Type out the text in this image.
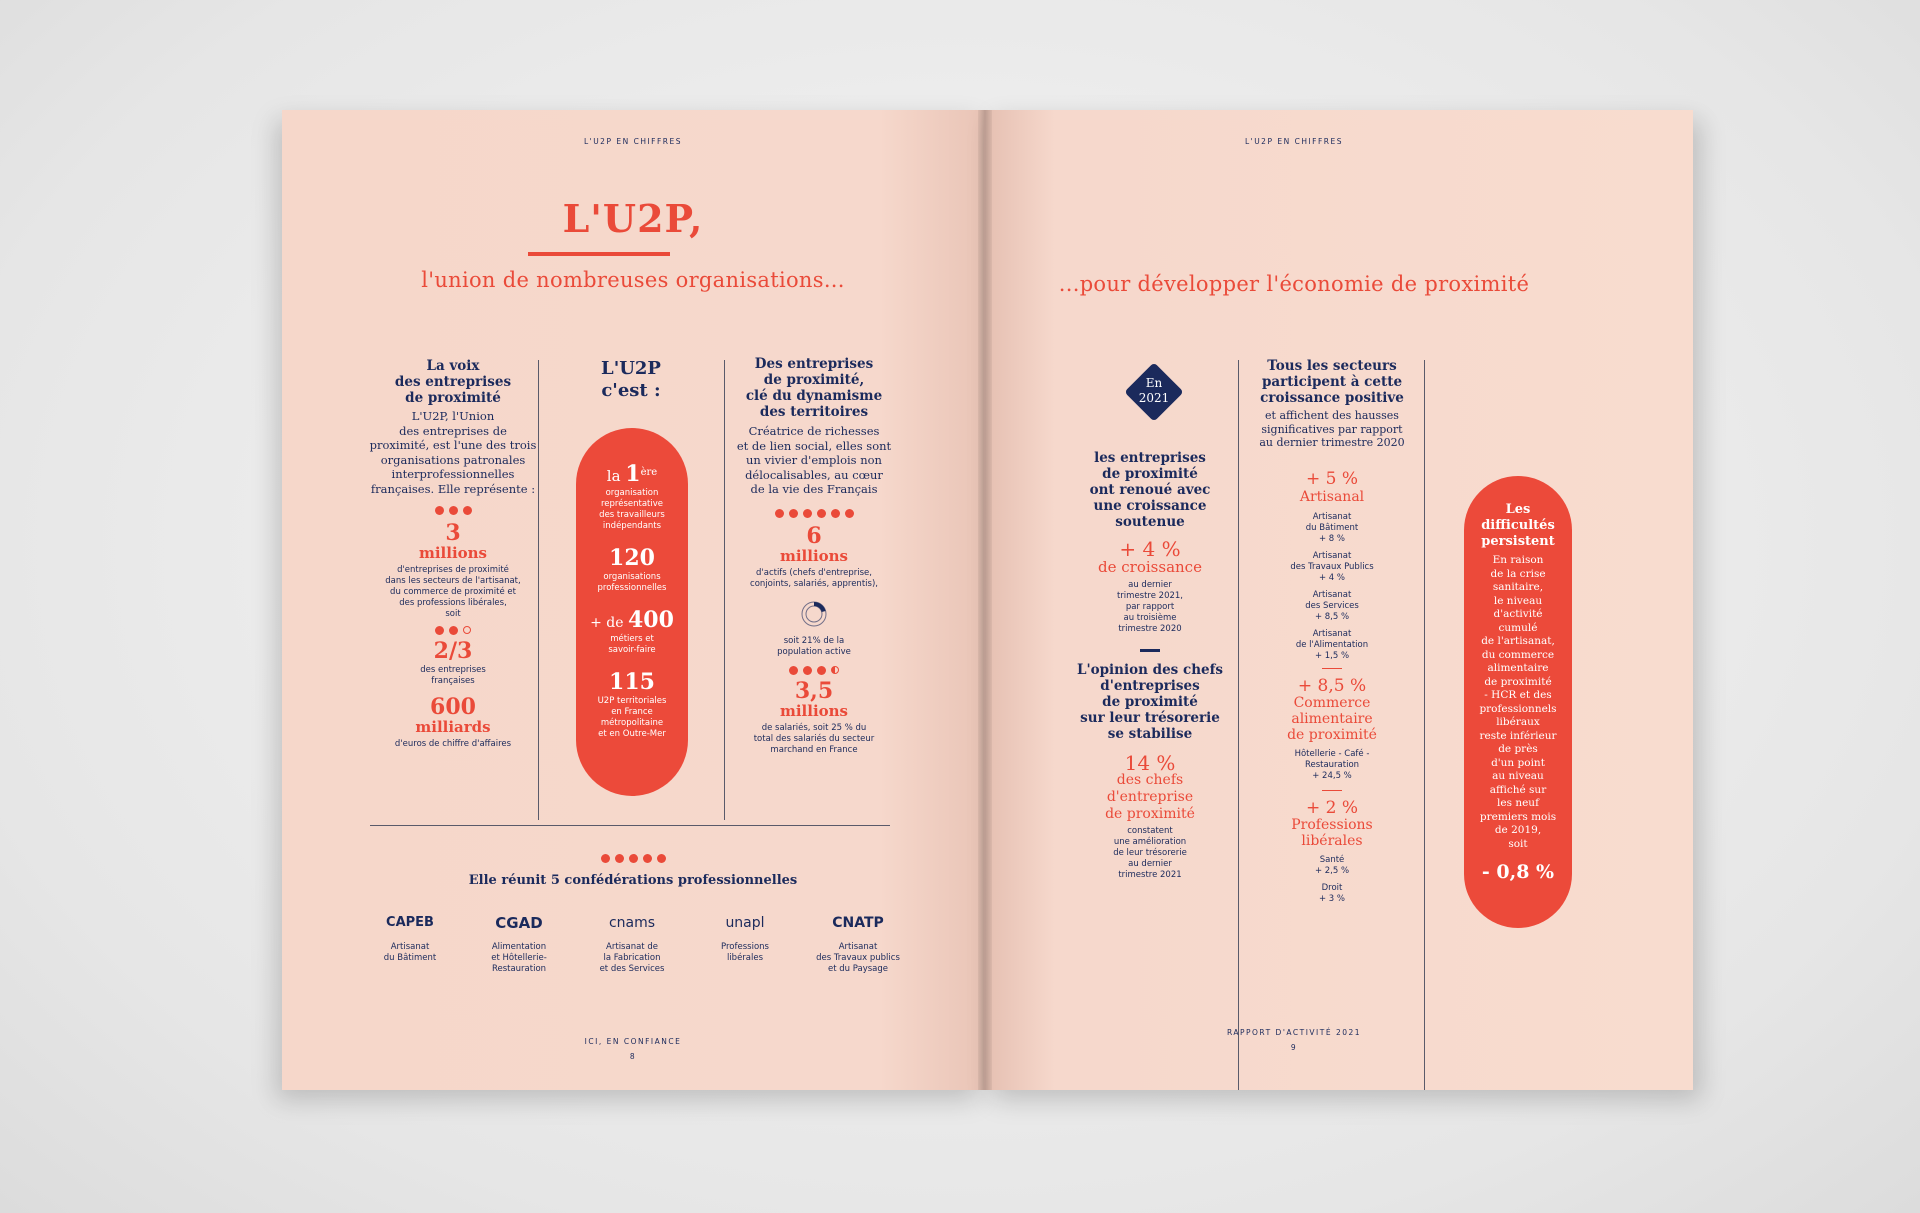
L'U2P EN CHIFFRES
L'U2P,
l'union de nombreuses organisations...
La voix
des entreprises
de proximité
L'U2P, l'Union
des entreprises de
proximité, est l'une des trois
organisations patronales
interprofessionnelles
françaises. Elle représente :
3
millions
d'entreprises de proximité
dans les secteurs de l'artisanat,
du commerce de proximité et
des professions libérales,
soit
2/3
des entreprises
françaises
600
milliards
d'euros de chiffre d'affaires
L'U2P
c'est :
la 1ère
organisation
représentative
des travailleurs
indépendants
120
organisations
professionnelles
+ de 400
métiers et
savoir-faire
115
U2P territoriales
en France
métropolitaine
et en Outre-Mer
Des entreprises
de proximité,
clé du dynamisme
des territoires
Créatrice de richesses
et de lien social, elles sont
un vivier d'emplois non
délocalisables, au cœur
de la vie des Français
6
millions
d'actifs (chefs d'entreprise,
conjoints, salariés, apprentis),
soit 21% de la
population active
3,5
millions
de salariés, soit 25 % du
total des salariés du secteur
marchand en France
Elle réunit 5 confédérations professionnelles
CAPEB
Artisanat
du Bâtiment
CGAD
Alimentation
et Hôtellerie-
Restauration
cnams
Artisanat de
la Fabrication
et des Services
unapl
Professions
libérales
CNATP
Artisanat
des Travaux publics
et du Paysage
ICI, EN CONFIANCE
8
L'U2P EN CHIFFRES
...pour développer l'économie de proximité
En
2021
les entreprises
de proximité
ont renoué avec
une croissance
soutenue
+ 4 %
de croissance
au dernier
trimestre 2021,
par rapport
au troisième
trimestre 2020
L'opinion des chefs
d'entreprises
de proximité
sur leur trésorerie
se stabilise
14 %
des chefs
d'entreprise
de proximité
constatent
une amélioration
de leur trésorerie
au dernier
trimestre 2021
Tous les secteurs
participent à cette
croissance positive
et affichent des hausses
significatives par rapport
au dernier trimestre 2020
+ 5 %
Artisanal
Artisanat
du Bâtiment
+ 8 %
Artisanat
des Travaux Publics
+ 4 %
Artisanat
des Services
+ 8,5 %
Artisanat
de l'Alimentation
+ 1,5 %
+ 8,5 %
Commerce
alimentaire
de proximité
Hôtellerie - Café -
Restauration
+ 24,5 %
+ 2 %
Professions
libérales
Santé
+ 2,5 %
Droit
+ 3 %
Les
difficultés
persistent
En raison
de la crise
sanitaire,
le niveau
d'activité
cumulé
de l'artisanat,
du commerce
alimentaire
de proximité
- HCR et des
professionnels
libéraux
reste inférieur
de près
d'un point
au niveau
affiché sur
les neuf
premiers mois
de 2019,
soit
- 0,8 %
RAPPORT D'ACTIVITÉ 2021
9
